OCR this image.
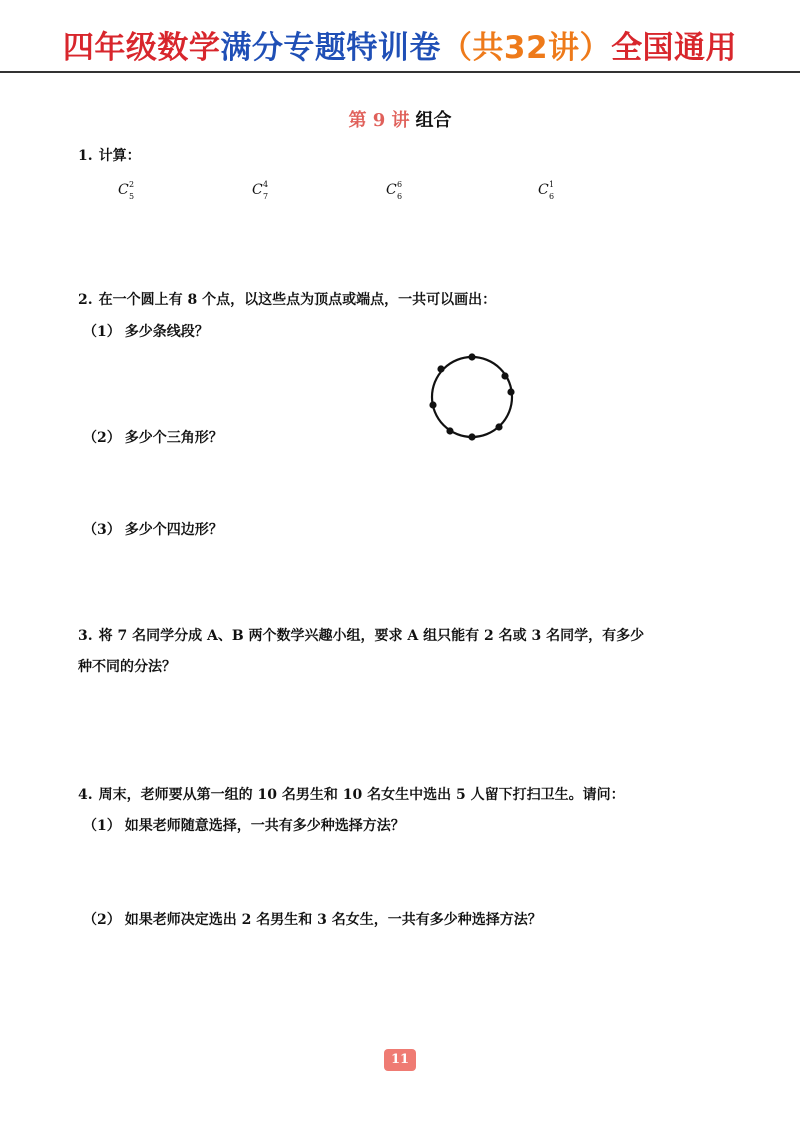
四年级数学满分专题特训卷（共32讲）全国通用
第 9 讲 组合
1. 计算：
C 2
5	C 4
7	C 6
6	C 1
6
2. 在一个圆上有 8 个点，以这些点为顶点或端点，一共可以画出：
（1） 多少条线段？
（2） 多少个三角形？
（3） 多少个四边形？
3. 将 7 名同学分成 A、B 两个数学兴趣小组，要求 A 组只能有 2 名或 3 名同学，有多少
种不同的分法？
4. 周末，老师要从第一组的 10 名男生和 10 名女生中选出 5 人留下打扫卫生。请问：
（1） 如果老师随意选择，一共有多少种选择方法？
（2） 如果老师决定选出 2 名男生和 3 名女生，一共有多少种选择方法？
11
